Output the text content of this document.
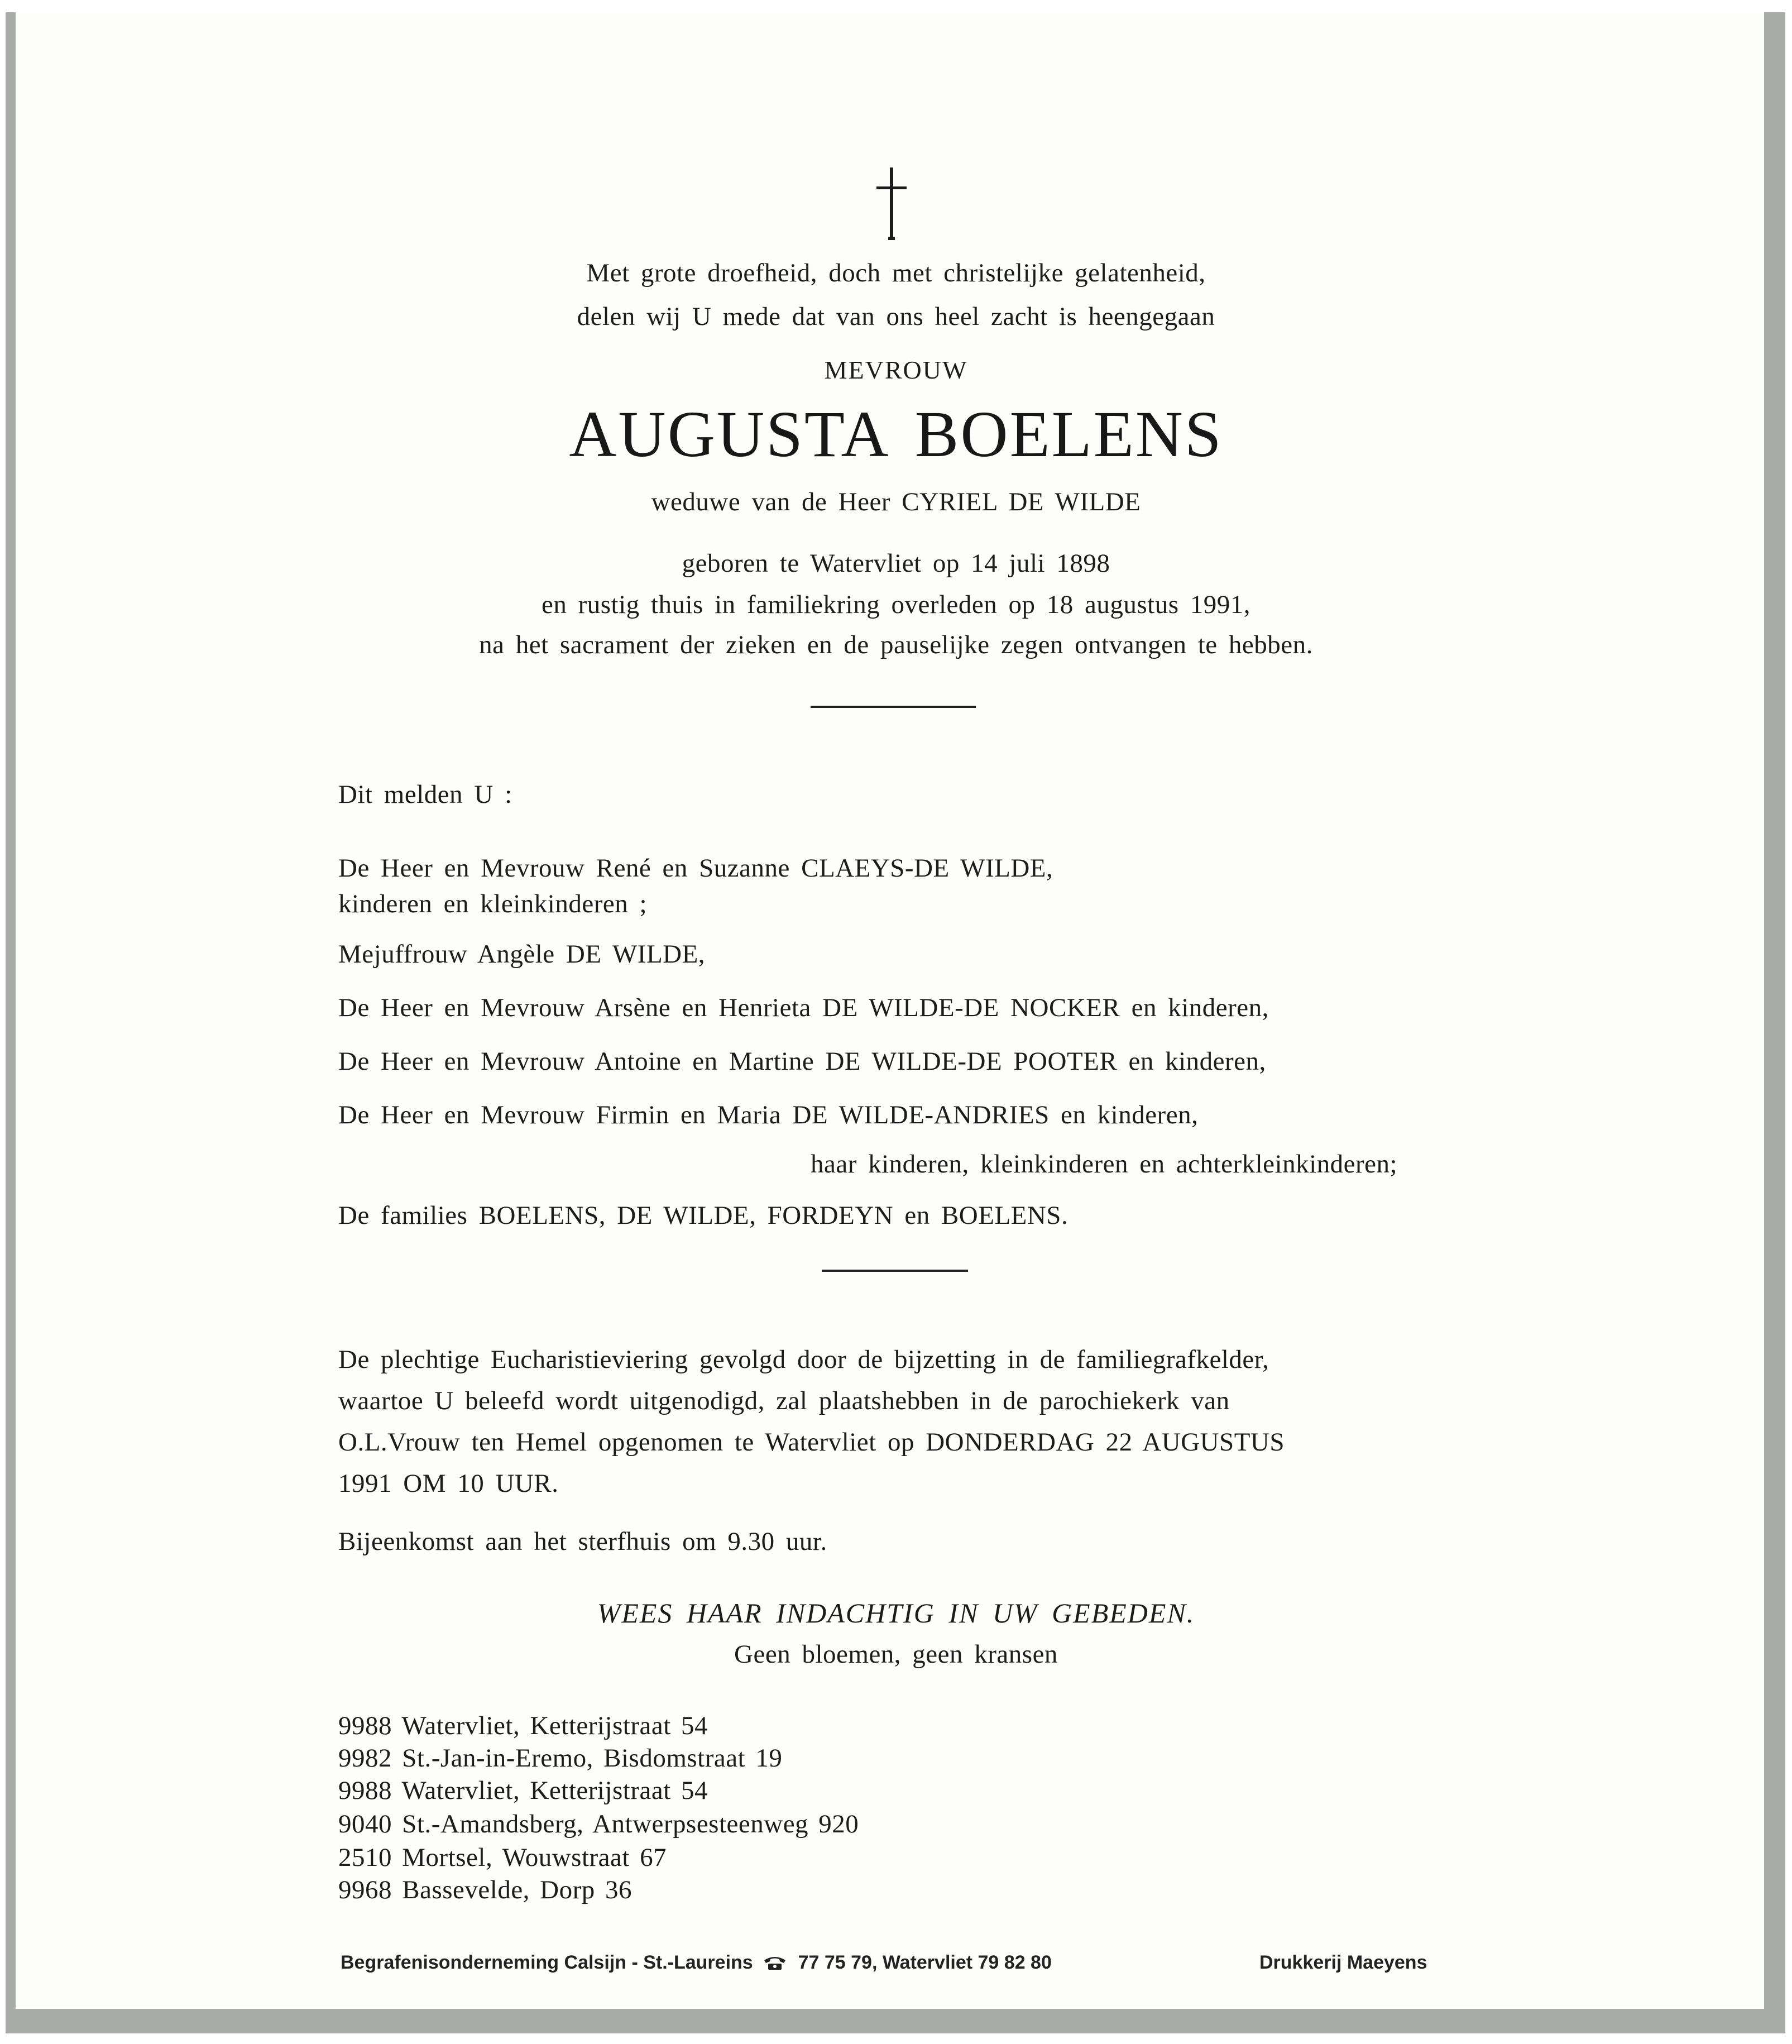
Met grote droefheid, doch met christelijke gelatenheid,
delen wij U mede dat van ons heel zacht is heengegaan
MEVROUW
AUGUSTA BOELENS
weduwe van de Heer CYRIEL DE WILDE
geboren te Watervliet op 14 juli 1898
en rustig thuis in familiekring overleden op 18 augustus 1991,
na het sacrament der zieken en de pauselijke zegen ontvangen te hebben.
Dit melden U :
De Heer en Mevrouw René en Suzanne CLAEYS-DE WILDE,
kinderen en kleinkinderen ;
Mejuffrouw Angèle DE WILDE,
De Heer en Mevrouw Arsène en Henrieta DE WILDE-DE NOCKER en kinderen,
De Heer en Mevrouw Antoine en Martine DE WILDE-DE POOTER en kinderen,
De Heer en Mevrouw Firmin en Maria DE WILDE-ANDRIES en kinderen,
haar kinderen, kleinkinderen en achterkleinkinderen;
De families BOELENS, DE WILDE, FORDEYN en BOELENS.
De plechtige Eucharistieviering gevolgd door de bijzetting in de familiegrafkelder,
waartoe U beleefd wordt uitgenodigd, zal plaatshebben in de parochiekerk van
O.L.Vrouw ten Hemel opgenomen te Watervliet op DONDERDAG 22 AUGUSTUS
1991 OM 10 UUR.
Bijeenkomst aan het sterfhuis om 9.30 uur.
WEES HAAR INDACHTIG IN UW GEBEDEN.
Geen bloemen, geen kransen
9988 Watervliet, Ketterijstraat 54
9982 St.-Jan-in-Eremo, Bisdomstraat 19
9988 Watervliet, Ketterijstraat 54
9040 St.-Amandsberg, Antwerpsesteenweg 920
2510 Mortsel, Wouwstraat 67
9968 Bassevelde, Dorp 36
Begrafenisonderneming Calsijn - St.-Laureins 77 75 79, Watervliet 79 82 80	Drukkerij Maeyens
